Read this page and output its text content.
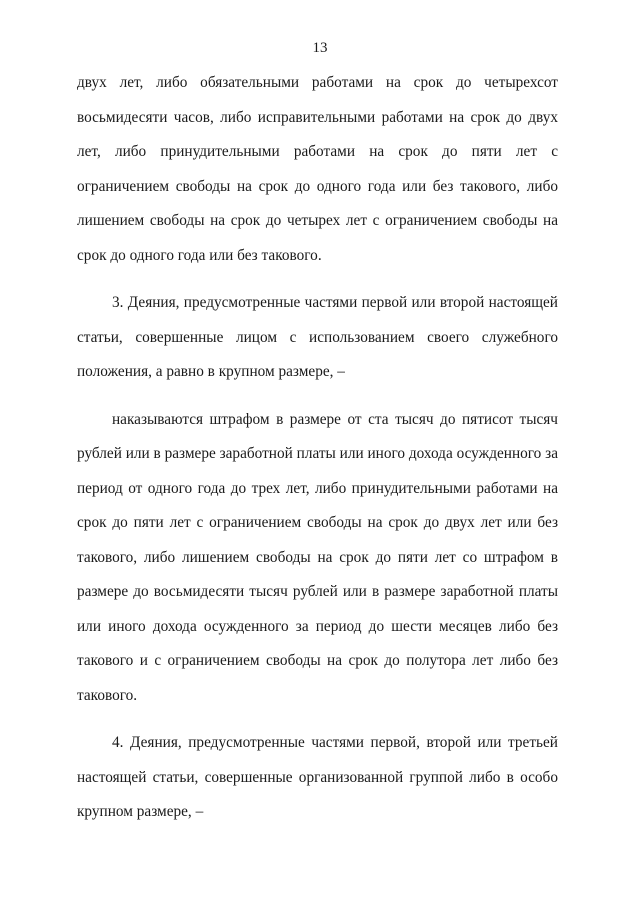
13

двух лет, либо обязательными работами на срок до четырехсот восьмидесяти часов, либо исправительными работами на срок до двух лет, либо принудительными работами на срок до пяти лет с ограничением свободы на срок до одного года или без такового, либо лишением свободы на срок до четырех лет с ограничением свободы на срок до одного года или без такового.

3. Деяния, предусмотренные частями первой или второй настоящей статьи, совершенные лицом с использованием своего служебного положения, а равно в крупном размере, –

наказываются штрафом в размере от ста тысяч до пятисот тысяч рублей или в размере заработной платы или иного дохода осужденного за период от одного года до трех лет, либо принудительными работами на срок до пяти лет с ограничением свободы на срок до двух лет или без такового, либо лишением свободы на срок до пяти лет со штрафом в размере до восьмидесяти тысяч рублей или в размере заработной платы или иного дохода осужденного за период до шести месяцев либо без такового и с ограничением свободы на срок до полутора лет либо без такового.

4. Деяния, предусмотренные частями первой, второй или третьей настоящей статьи, совершенные организованной группой либо в особо крупном размере, –
